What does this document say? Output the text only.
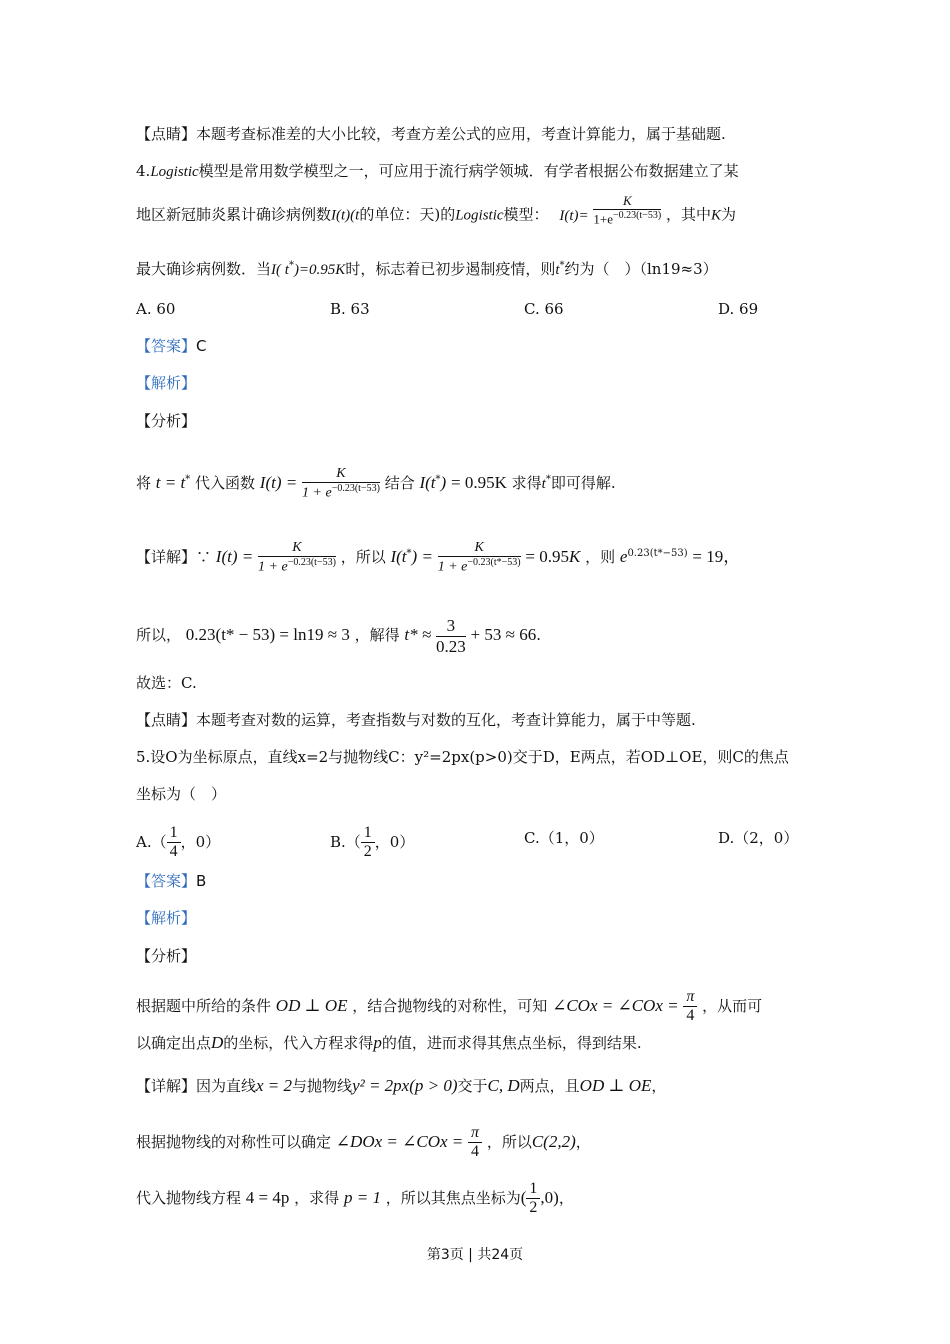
【点睛】本题考查标准差的大小比较，考查方差公式的应用，考查计算能力，属于基础题.
4.Logistic模型是常用数学模型之一，可应用于流行病学领城．有学者根据公布数据建立了某
地区新冠肺炎累计确诊病例数I(t)(t的单位：天)的Logistic模型： $I(t)= \frac{K}{1+e^{-0.23(t-53)}}$ ，其中K为
最大确诊病例数．当I( t*)=0.95K时，标志着已初步遏制疫情，则t*约为（　）（ln19≈3）
A. 60	B. 63	C. 66	D. 69
【答案】C
【解析】
【分析】
将 t = t* 代入函数 $I(t) = \frac{K}{1 + e^{-0.23(t-53)}}$ 结合 I(t*) = 0.95K 求得t*即可得解.
【详解】∵ $I(t) = \frac{K}{1 + e^{-0.23(t-53)}}$ ，所以 $I(t^*) = \frac{K}{1 + e^{-0.23(t*-53)}} = 0.95K$ ，则 $e^{0.23(t*-53)} = 19$，
所以， 0.23(t* − 53) = ln19 ≈ 3 ，解得 $t* \approx \frac{3}{0.23} + 53 \approx 66$.
故选：C.
【点睛】本题考查对数的运算，考查指数与对数的互化，考查计算能力，属于中等题.
5.设O为坐标原点，直线x=2与抛物线C：y²=2px(p>0)交于D，E两点，若OD⊥OE，则C的焦点
坐标为（　）
$A.( \frac{1}{4}$ ，0）	$B.( \frac{1}{2}$ ，0）	C.（1，0）	D.（2，0）
【答案】B
【解析】
【分析】
根据题中所给的条件 OD ⊥ OE ，结合抛物线的对称性，可知 ∠COx = ∠COx = $\frac{\pi}{4}$ ，从而可
以确定出点D的坐标，代入方程求得p的值，进而求得其焦点坐标，得到结果.
【详解】因为直线x = 2与抛物线y² = 2px(p > 0)交于C, D两点，且OD ⊥ OE，
根据抛物线的对称性可以确定 ∠DOx = ∠COx = $\frac{\pi}{4}$ ，所以C(2,2)，
代入抛物线方程 4 = 4p ，求得 p = 1 ，所以其焦点坐标为( $\frac{1}{2} ,0$)，
第3页 | 共24页
